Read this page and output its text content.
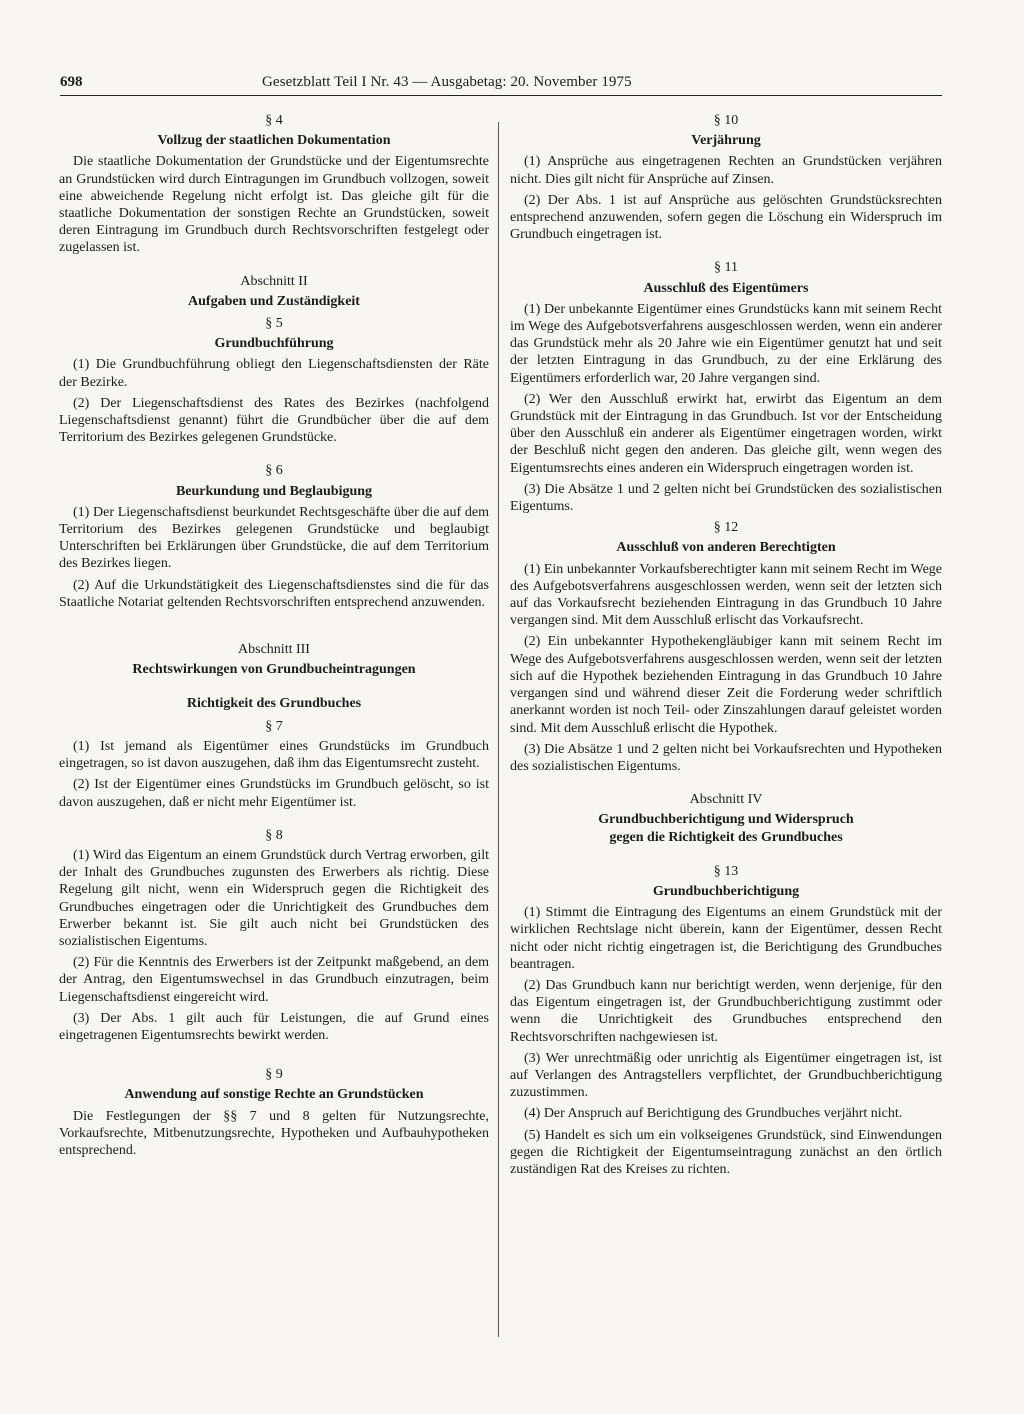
698	Gesetzblatt Teil I Nr. 43 — Ausgabetag: 20. November 1975
§ 4
Vollzug der staatlichen Dokumentation

Die staatliche Dokumentation der Grundstücke und der Eigentumsrechte an Grundstücken wird durch Eintragungen im Grundbuch vollzogen, soweit eine abweichende Regelung nicht erfolgt ist. Das gleiche gilt für die staatliche Dokumentation der sonstigen Rechte an Grundstücken, soweit deren Eintragung im Grundbuch durch Rechtsvorschriften festgelegt oder zugelassen ist.

Abschnitt II
Aufgaben und Zuständigkeit
§ 5
Grundbuchführung

(1) Die Grundbuchführung obliegt den Liegenschaftsdiensten der Räte der Bezirke.

(2) Der Liegenschaftsdienst des Rates des Bezirkes (nachfolgend Liegenschaftsdienst genannt) führt die Grundbücher über die auf dem Territorium des Bezirkes gelegenen Grundstücke.

§ 6
Beurkundung und Beglaubigung

(1) Der Liegenschaftsdienst beurkundet Rechtsgeschäfte über die auf dem Territorium des Bezirkes gelegenen Grundstücke und beglaubigt Unterschriften bei Erklärungen über Grundstücke, die auf dem Territorium des Bezirkes liegen.

(2) Auf die Urkundstätigkeit des Liegenschaftsdienstes sind die für das Staatliche Notariat geltenden Rechtsvorschriften entsprechend anzuwenden.

Abschnitt III
Rechtswirkungen von Grundbucheintragungen
Richtigkeit des Grundbuches
§ 7

(1) Ist jemand als Eigentümer eines Grundstücks im Grundbuch eingetragen, so ist davon auszugehen, daß ihm das Eigentumsrecht zusteht.

(2) Ist der Eigentümer eines Grundstücks im Grundbuch gelöscht, so ist davon auszugehen, daß er nicht mehr Eigentümer ist.

§ 8

(1) Wird das Eigentum an einem Grundstück durch Vertrag erworben, gilt der Inhalt des Grundbuches zugunsten des Erwerbers als richtig. Diese Regelung gilt nicht, wenn ein Widerspruch gegen die Richtigkeit des Grundbuches eingetragen oder die Unrichtigkeit des Grundbuches dem Erwerber bekannt ist. Sie gilt auch nicht bei Grundstücken des sozialistischen Eigentums.

(2) Für die Kenntnis des Erwerbers ist der Zeitpunkt maßgebend, an dem der Antrag, den Eigentumswechsel in das Grundbuch einzutragen, beim Liegenschaftsdienst eingereicht wird.

(3) Der Abs. 1 gilt auch für Leistungen, die auf Grund eines eingetragenen Eigentumsrechts bewirkt werden.

§ 9
Anwendung auf sonstige Rechte an Grundstücken

Die Festlegungen der §§ 7 und 8 gelten für Nutzungsrechte, Vorkaufsrechte, Mitbenutzungsrechte, Hypotheken und Aufbauhypotheken entsprechend.

§ 10
Verjährung

(1) Ansprüche aus eingetragenen Rechten an Grundstücken verjähren nicht. Dies gilt nicht für Ansprüche auf Zinsen.

(2) Der Abs. 1 ist auf Ansprüche aus gelöschten Grundstücksrechten entsprechend anzuwenden, sofern gegen die Löschung ein Widerspruch im Grundbuch eingetragen ist.

§ 11
Ausschluß des Eigentümers

(1) Der unbekannte Eigentümer eines Grundstücks kann mit seinem Recht im Wege des Aufgebotsverfahrens ausgeschlossen werden, wenn ein anderer das Grundstück mehr als 20 Jahre wie ein Eigentümer genutzt hat und seit der letzten Eintragung in das Grundbuch, zu der eine Erklärung des Eigentümers erforderlich war, 20 Jahre vergangen sind.

(2) Wer den Ausschluß erwirkt hat, erwirbt das Eigentum an dem Grundstück mit der Eintragung in das Grundbuch. Ist vor der Entscheidung über den Ausschluß ein anderer als Eigentümer eingetragen worden, wirkt der Beschluß nicht gegen den anderen. Das gleiche gilt, wenn wegen des Eigentumsrechts eines anderen ein Widerspruch eingetragen worden ist.

(3) Die Absätze 1 und 2 gelten nicht bei Grundstücken des sozialistischen Eigentums.

§ 12
Ausschluß von anderen Berechtigten

(1) Ein unbekannter Vorkaufsberechtigter kann mit seinem Recht im Wege des Aufgebotsverfahrens ausgeschlossen werden, wenn seit der letzten sich auf das Vorkaufsrecht beziehenden Eintragung in das Grundbuch 10 Jahre vergangen sind. Mit dem Ausschluß erlischt das Vorkaufsrecht.

(2) Ein unbekannter Hypothekengläubiger kann mit seinem Recht im Wege des Aufgebotsverfahrens ausgeschlossen werden, wenn seit der letzten sich auf die Hypothek beziehenden Eintragung in das Grundbuch 10 Jahre vergangen sind und während dieser Zeit die Forderung weder schriftlich anerkannt worden ist noch Teil- oder Zinszahlungen darauf geleistet worden sind. Mit dem Ausschluß erlischt die Hypothek.

(3) Die Absätze 1 und 2 gelten nicht bei Vorkaufsrechten und Hypotheken des sozialistischen Eigentums.

Abschnitt IV
Grundbuchberichtigung und Widerspruch
gegen die Richtigkeit des Grundbuches
§ 13
Grundbuchberichtigung

(1) Stimmt die Eintragung des Eigentums an einem Grundstück mit der wirklichen Rechtslage nicht überein, kann der Eigentümer, dessen Recht nicht oder nicht richtig eingetragen ist, die Berichtigung des Grundbuches beantragen.

(2) Das Grundbuch kann nur berichtigt werden, wenn derjenige, für den das Eigentum eingetragen ist, der Grundbuchberichtigung zustimmt oder wenn die Unrichtigkeit des Grundbuches entsprechend den Rechtsvorschriften nachgewiesen ist.

(3) Wer unrechtmäßig oder unrichtig als Eigentümer eingetragen ist, ist auf Verlangen des Antragstellers verpflichtet, der Grundbuchberichtigung zuzustimmen.

(4) Der Anspruch auf Berichtigung des Grundbuches verjährt nicht.

(5) Handelt es sich um ein volkseigenes Grundstück, sind Einwendungen gegen die Richtigkeit der Eigentumseintragung zunächst an den örtlich zuständigen Rat des Kreises zu richten.
